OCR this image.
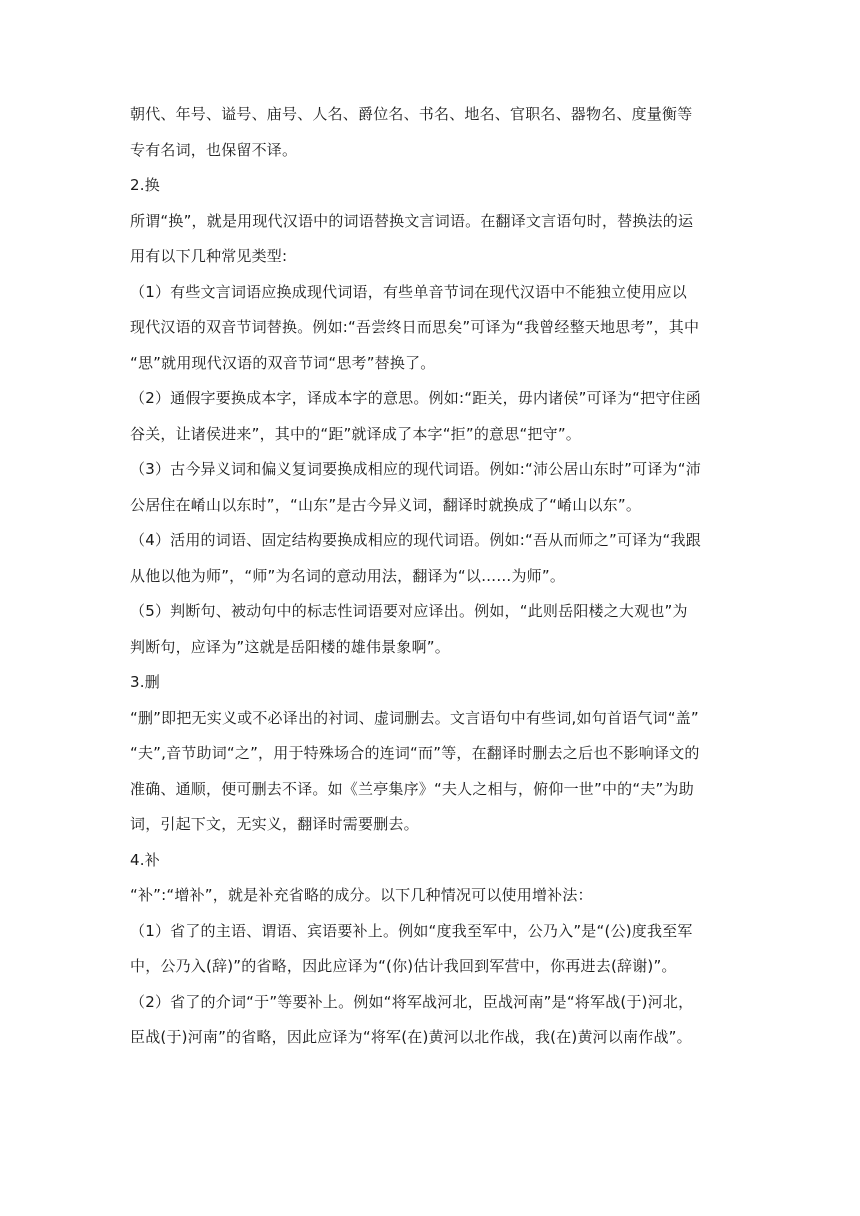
朝代、年号、谥号、庙号、人名、爵位名、书名、地名、官职名、器物名、度量衡等
专有名词，也保留不译。
2.换
所谓“换”，就是用现代汉语中的词语替换文言词语。在翻译文言语句时，替换法的运
用有以下几种常见类型:
（1）有些文言词语应换成现代词语，有些单音节词在现代汉语中不能独立使用应以
现代汉语的双音节词替换。例如:“吾尝终日而思矣”可译为“我曾经整天地思考”，其中
“思”就用现代汉语的双音节词“思考”替换了。
（2）通假字要换成本字，译成本字的意思。例如:“距关，毋内诸侯”可译为“把守住函
谷关，让诸侯进来”，其中的“距”就译成了本字“拒”的意思“把守”。
（3）古今异义词和偏义复词要换成相应的现代词语。例如:“沛公居山东时”可译为“沛
公居住在崤山以东时”，“山东”是古今异义词，翻译时就换成了“崤山以东”。
（4）活用的词语、固定结构要换成相应的现代词语。例如:“吾从而师之”可译为“我跟
从他以他为师”，“师”为名词的意动用法，翻译为“以……为师”。
（5）判断句、被动句中的标志性词语要对应译出。例如，“此则岳阳楼之大观也”为
判断句，应译为”这就是岳阳楼的雄伟景象啊”。
3.删
“删”即把无实义或不必译出的衬词、虚词删去。文言语句中有些词,如句首语气词“盖”
“夫”,音节助词“之”，用于特殊场合的连词“而”等，在翻译时删去之后也不影响译文的
准确、通顺，便可删去不译。如《兰亭集序》“夫人之相与，俯仰一世”中的“夫”为助
词，引起下文，无实义，翻译时需要删去。
4.补
“补”:“增补”，就是补充省略的成分。以下几种情况可以使用增补法：
（1）省了的主语、谓语、宾语要补上。例如“度我至军中，公乃入”是“(公)度我至军
中，公乃入(辞)”的省略，因此应译为“(你)估计我回到军营中，你再进去(辞谢)”。
（2）省了的介词“于”等要补上。例如“将军战河北，臣战河南”是“将军战(于)河北，
臣战(于)河南”的省略，因此应译为“将军(在)黄河以北作战，我(在)黄河以南作战”。
